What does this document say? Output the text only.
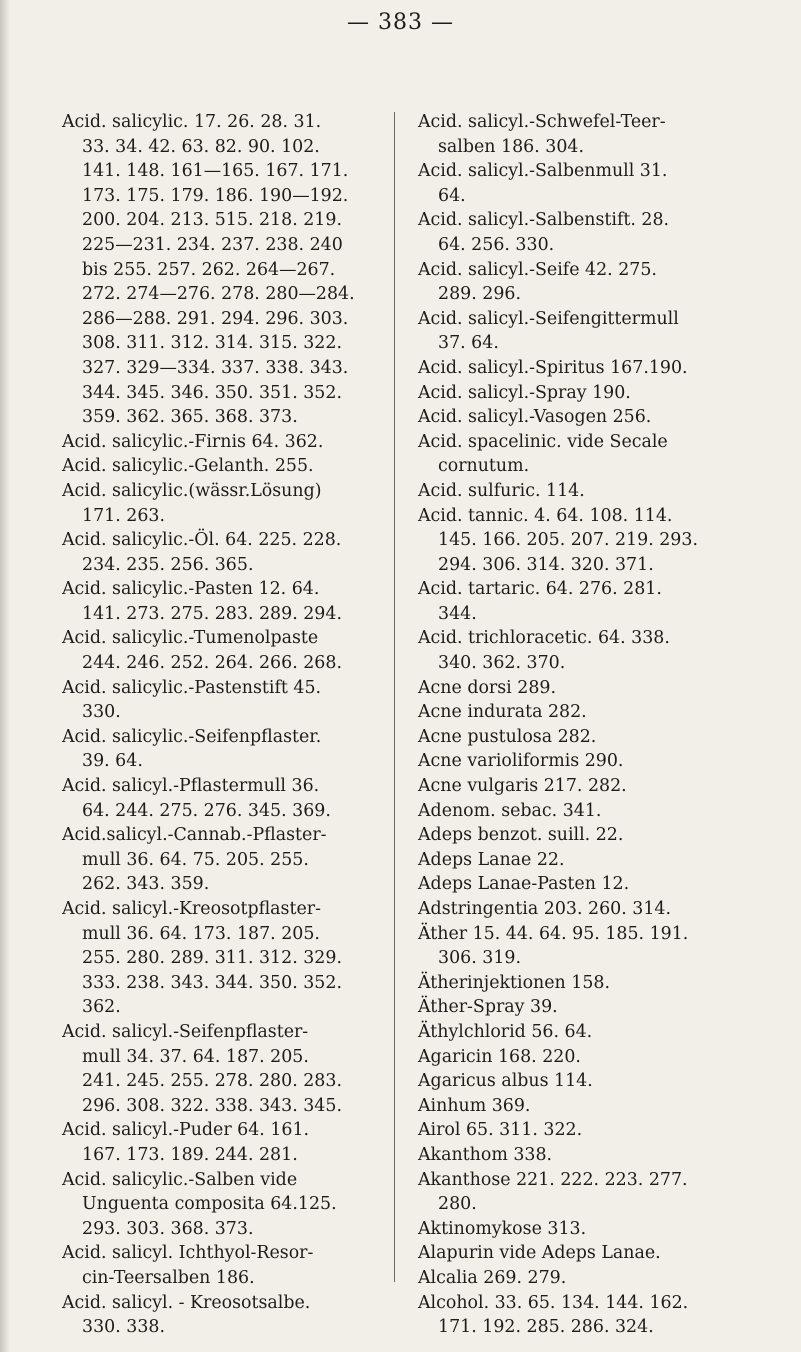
— 383 —

Acid. salicylic. 17. 26. 28. 31.
33. 34. 42. 63. 82. 90. 102.
141. 148. 161—165. 167. 171.
173. 175. 179. 186. 190—192.
200. 204. 213. 515. 218. 219.
225—231. 234. 237. 238. 240
bis 255. 257. 262. 264—267.
272. 274—276. 278. 280—284.
286—288. 291. 294. 296. 303.
308. 311. 312. 314. 315. 322.
327. 329—334. 337. 338. 343.
344. 345. 346. 350. 351. 352.
359. 362. 365. 368. 373.

Acid. salicylic.-Firnis 64. 362.

Acid. salicylic.-Gelanth. 255.

Acid. salicylic.(wässr.Lösung)
171. 263.

Acid. salicylic.-Öl. 64. 225. 228.
234. 235. 256. 365.

Acid. salicylic.-Pasten 12. 64.
141. 273. 275. 283. 289. 294.

Acid. salicylic.-Tumenolpaste
244. 246. 252. 264. 266. 268.

Acid. salicylic.-Pastenstift 45.
330.

Acid. salicylic.-Seifenpflaster.
39. 64.

Acid. salicyl.-Pflastermull 36.
64. 244. 275. 276. 345. 369.

Acid.salicyl.-Cannab.-Pflaster-
mull 36. 64. 75. 205. 255.
262. 343. 359.

Acid. salicyl.-Kreosotpflaster-
mull 36. 64. 173. 187. 205.
255. 280. 289. 311. 312. 329.
333. 238. 343. 344. 350. 352.
362.

Acid. salicyl.-Seifenpflaster-
mull 34. 37. 64. 187. 205.
241. 245. 255. 278. 280. 283.
296. 308. 322. 338. 343. 345.

Acid. salicyl.-Puder 64. 161.
167. 173. 189. 244. 281.

Acid. salicylic.-Salben vide
Unguenta composita 64.125.
293. 303. 368. 373.

Acid. salicyl. Ichthyol-Resor-
cin-Teersalben 186.

Acid. salicyl. - Kreosotsalbe.
330. 338.

Acid. salicyl.-Schwefel-Teer-
salben 186. 304.

Acid. salicyl.-Salbenmull 31.
64.

Acid. salicyl.-Salbenstift. 28.
64. 256. 330.

Acid. salicyl.-Seife 42. 275.
289. 296.

Acid. salicyl.-Seifengittermull
37. 64.

Acid. salicyl.-Spiritus 167.190.

Acid. salicyl.-Spray 190.

Acid. salicyl.-Vasogen 256.

Acid. spacelinic. vide Secale
cornutum.

Acid. sulfuric. 114.

Acid. tannic. 4. 64. 108. 114.
145. 166. 205. 207. 219. 293.
294. 306. 314. 320. 371.

Acid. tartaric. 64. 276. 281.
344.

Acid. trichloracetic. 64. 338.
340. 362. 370.

Acne dorsi 289.

Acne indurata 282.

Acne pustulosa 282.

Acne varioliformis 290.

Acne vulgaris 217. 282.

Adenom. sebac. 341.

Adeps benzot. suill. 22.

Adeps Lanae 22.

Adeps Lanae-Pasten 12.

Adstringentia 203. 260. 314.

Äther 15. 44. 64. 95. 185. 191.
306. 319.

Ätherinjektionen 158.

Äther-Spray 39.

Äthylchlorid 56. 64.

Agaricin 168. 220.

Agaricus albus 114.

Ainhum 369.

Airol 65. 311. 322.

Akanthom 338.

Akanthose 221. 222. 223. 277.
280.

Aktinomykose 313.

Alapurin vide Adeps Lanae.

Alcalia 269. 279.

Alcohol. 33. 65. 134. 144. 162.
171. 192. 285. 286. 324.
